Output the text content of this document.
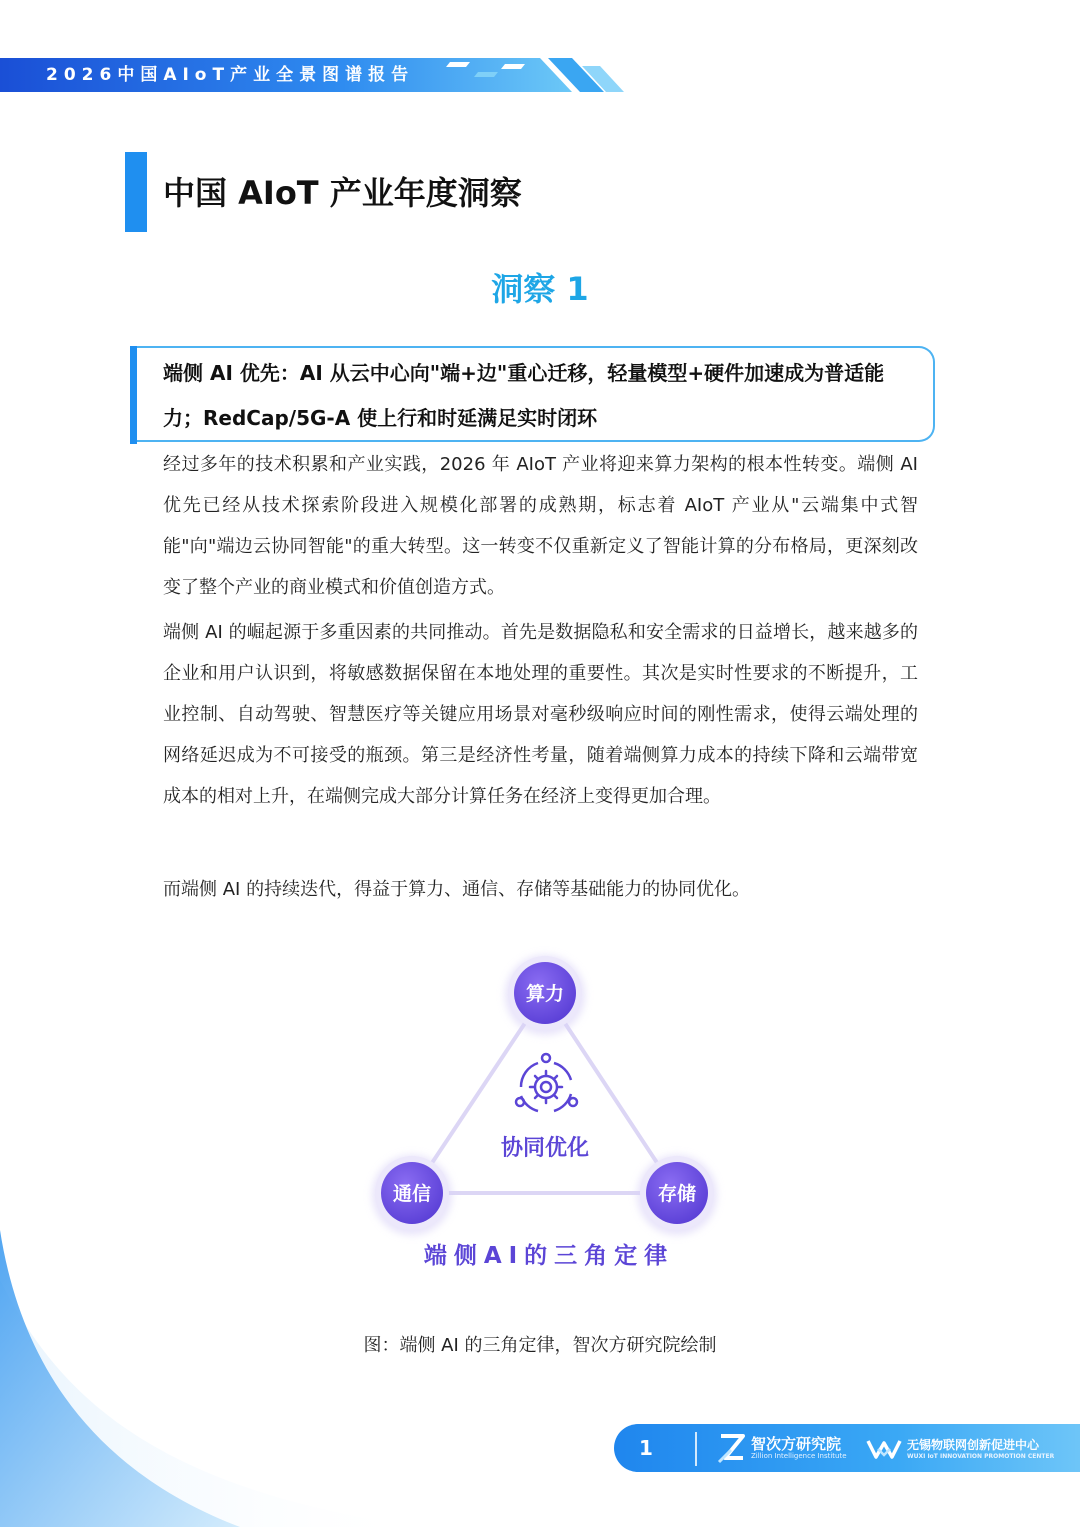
2026中国AIoT产业全景图谱报告
中国 AIoT 产业年度洞察
洞察 1
端侧 AI 优先：AI 从云中心向"端+边"重心迁移，轻量模型+硬件加速成为普适能力；RedCap/5G-A 使上行和时延满足实时闭环
经过多年的技术积累和产业实践，2026 年 AIoT 产业将迎来算力架构的根本性转变。端侧 AI 优先已经从技术探索阶段进入规模化部署的成熟期，标志着 AIoT 产业从"云端集中式智能"向"端边云协同智能"的重大转型。这一转变不仅重新定义了智能计算的分布格局，更深刻改变了整个产业的商业模式和价值创造方式。
端侧 AI 的崛起源于多重因素的共同推动。首先是数据隐私和安全需求的日益增长，越来越多的企业和用户认识到，将敏感数据保留在本地处理的重要性。其次是实时性要求的不断提升，工业控制、自动驾驶、智慧医疗等关键应用场景对毫秒级响应时间的刚性需求，使得云端处理的网络延迟成为不可接受的瓶颈。第三是经济性考量，随着端侧算力成本的持续下降和云端带宽成本的相对上升，在端侧完成大部分计算任务在经济上变得更加合理。
而端侧 AI 的持续迭代，得益于算力、通信、存储等基础能力的协同优化。
算力
通信	存储
协同优化
端侧AI的三角定律
图：端侧 AI 的三角定律，智次方研究院绘制
1	智次方研究院
Zillion Intelligence Institute
无锡物联网创新促进中心
WUXI IoT INNOVATION PROMOTION CENTER
